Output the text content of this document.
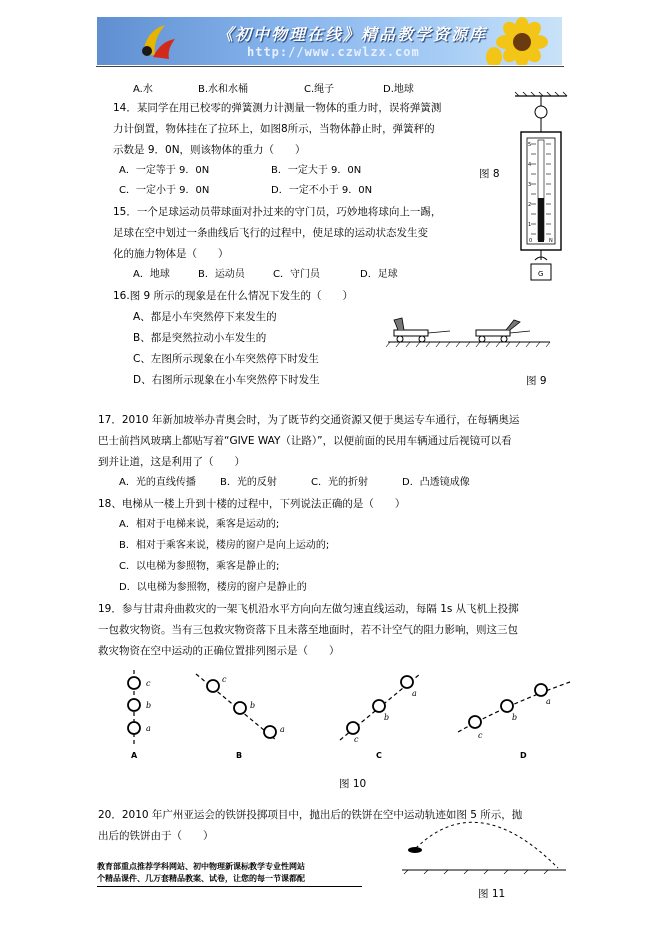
《初中物理在线》精品教学资源库
http://www.czwlzx.com
A.水	B.水和水桶	C.绳子	D.地球
14．某同学在用已校零的弹簧测力计测量一物体的重力时，误将弹簧测
力计倒置，物体挂在了拉环上，如图8所示，当物体静止时，弹簧秤的
示数是 9．0N，则该物体的重力（　　）
A．一定等于 9．0N	B．一定大于 9．0N
C．一定小于 9．0N	D．一定不小于 9．0N
图 8
5
4
3
2
1
0	N
G
15．一个足球运动员带球面对扑过来的守门员，巧妙地将球向上一踢，
足球在空中划过一条曲线后飞行的过程中，使足球的运动状态发生变
化的施力物体是（　　）
A．地球	B．运动员	C．守门员	D．足球
16.图 9 所示的现象是在什么情况下发生的（　　）
A、都是小车突然停下来发生的
B、都是突然拉动小车发生的
C、左图所示现象在小车突然停下时发生
D、右图所示现象在小车突然停下时发生	图 9
17．2010 年新加坡举办青奥会时，为了既节约交通资源又便于奥运专车通行，在每辆奥运
巴士前挡风玻璃上都贴写着“GIVE WAY（让路）”，以便前面的民用车辆通过后视镜可以看
到并让道，这是利用了（　　）
A．光的直线传播 B．光的反射	C．光的折射	D．凸透镜成像
18、电梯从一楼上升到十楼的过程中，下列说法正确的是（　　）
A．相对于电梯来说，乘客是运动的;
B．相对于乘客来说，楼房的窗户是向上运动的;
C．以电梯为参照物，乘客是静止的;
D．以电梯为参照物，楼房的窗户是静止的
19．参与甘肃舟曲救灾的一架飞机沿水平方向向左做匀速直线运动，每隔 1s 从飞机上投掷
一包救灾物资。当有三包救灾物资落下且未落至地面时，若不计空气的阻力影响，则这三包
救灾物资在空中运动的正确位置排列图示是（　　）
c
b
a
c
b
a
c
b
a
c
b
a
A	B	C	D
图 10
20．2010 年广州亚运会的铁饼投掷项目中，抛出后的铁饼在空中运动轨迹如图 5 所示，抛
出后的铁饼由于（　　）
图 11
教育部重点推荐学科网站、初中物理新课标教学专业性网站
个精品课件、几万套精品教案、试卷，让您的每一节课都配
